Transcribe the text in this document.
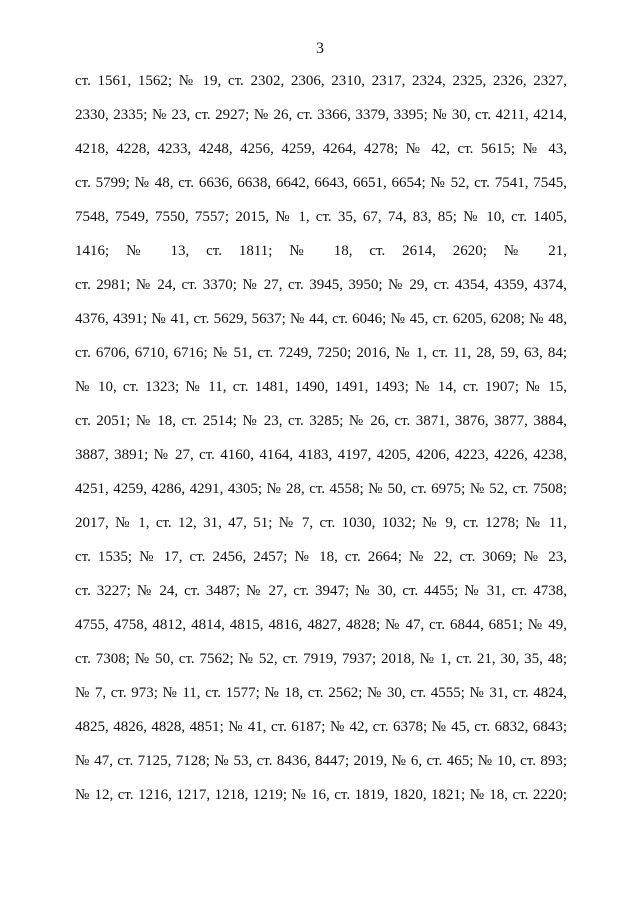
3
ст. 1561, 1562; № 19, ст. 2302, 2306, 2310, 2317, 2324, 2325, 2326, 2327,
2330, 2335; № 23, ст. 2927; № 26, ст. 3366, 3379, 3395; № 30, ст. 4211, 4214,
4218, 4228, 4233, 4248, 4256, 4259, 4264, 4278; № 42, ст. 5615; № 43,
ст. 5799; № 48, ст. 6636, 6638, 6642, 6643, 6651, 6654; № 52, ст. 7541, 7545,
7548, 7549, 7550, 7557; 2015, № 1, ст. 35, 67, 74, 83, 85; № 10, ст. 1405,
1416; № 13, ст. 1811; № 18, ст. 2614, 2620; № 21,
ст. 2981; № 24, ст. 3370; № 27, ст. 3945, 3950; № 29, ст. 4354, 4359, 4374,
4376, 4391; № 41, ст. 5629, 5637; № 44, ст. 6046; № 45, ст. 6205, 6208; № 48,
ст. 6706, 6710, 6716; № 51, ст. 7249, 7250; 2016, № 1, ст. 11, 28, 59, 63, 84;
№ 10, ст. 1323; № 11, ст. 1481, 1490, 1491, 1493; № 14, ст. 1907; № 15,
ст. 2051; № 18, ст. 2514; № 23, ст. 3285; № 26, ст. 3871, 3876, 3877, 3884,
3887, 3891; № 27, ст. 4160, 4164, 4183, 4197, 4205, 4206, 4223, 4226, 4238,
4251, 4259, 4286, 4291, 4305; № 28, ст. 4558; № 50, ст. 6975; № 52, ст. 7508;
2017, № 1, ст. 12, 31, 47, 51; № 7, ст. 1030, 1032; № 9, ст. 1278; № 11,
ст. 1535; № 17, ст. 2456, 2457; № 18, ст. 2664; № 22, ст. 3069; № 23,
ст. 3227; № 24, ст. 3487; № 27, ст. 3947; № 30, ст. 4455; № 31, ст. 4738,
4755, 4758, 4812, 4814, 4815, 4816, 4827, 4828; № 47, ст. 6844, 6851; № 49,
ст. 7308; № 50, ст. 7562; № 52, ст. 7919, 7937; 2018, № 1, ст. 21, 30, 35, 48;
№ 7, ст. 973; № 11, ст. 1577; № 18, ст. 2562; № 30, ст. 4555; № 31, ст. 4824,
4825, 4826, 4828, 4851; № 41, ст. 6187; № 42, ст. 6378; № 45, ст. 6832, 6843;
№ 47, ст. 7125, 7128; № 53, ст. 8436, 8447; 2019, № 6, ст. 465; № 10, ст. 893;
№ 12, ст. 1216, 1217, 1218, 1219; № 16, ст. 1819, 1820, 1821; № 18, ст. 2220;
